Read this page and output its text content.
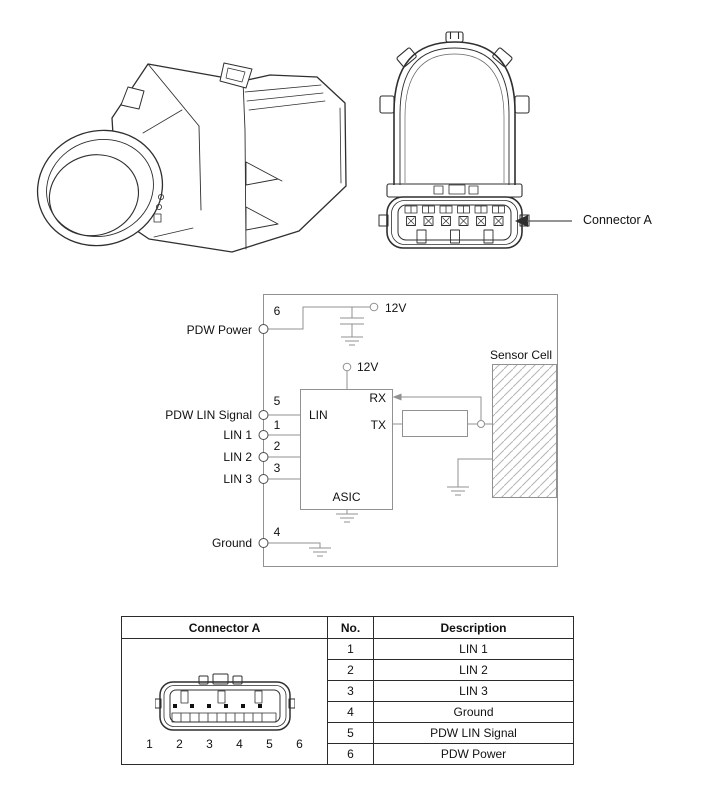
PDW Power
PDW LIN Signal
LIN 1
LIN 2
LIN 3
Ground
6
5
1
2
3
4
12V
12V
LIN
RX
TX
ASIC
Sensor Cell
Connector A
Connector A	No.	Description

1 2 3 4 5 6	1	LIN 1
	2	LIN 2
	3	LIN 3
	4	Ground
	5	PDW LIN Signal
	6	PDW Power
